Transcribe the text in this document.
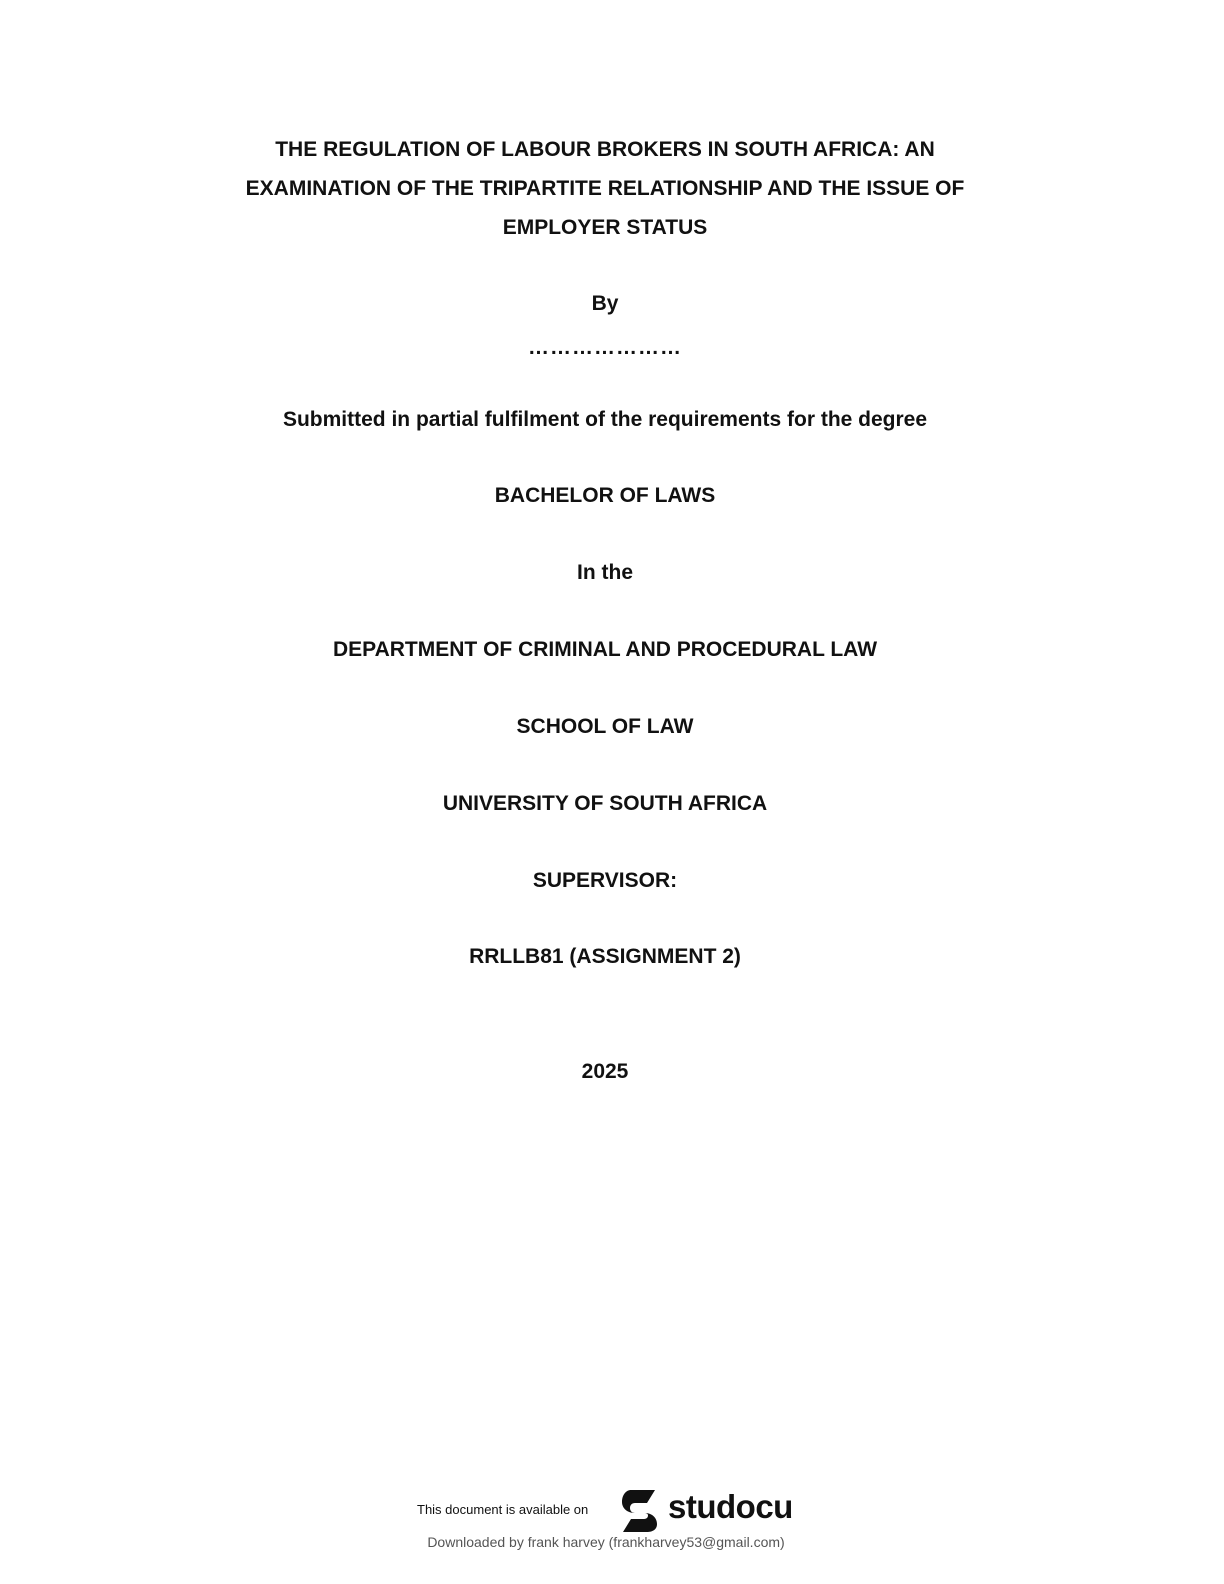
THE REGULATION OF LABOUR BROKERS IN SOUTH AFRICA: AN
EXAMINATION OF THE TRIPARTITE RELATIONSHIP AND THE ISSUE OF
EMPLOYER STATUS
By
…………………
Submitted in partial fulfilment of the requirements for the degree
BACHELOR OF LAWS
In the
DEPARTMENT OF CRIMINAL AND PROCEDURAL LAW
SCHOOL OF LAW
UNIVERSITY OF SOUTH AFRICA
SUPERVISOR:
RRLLB81 (ASSIGNMENT 2)
2025
This document is available on studocu
Downloaded by frank harvey (frankharvey53@gmail.com)
